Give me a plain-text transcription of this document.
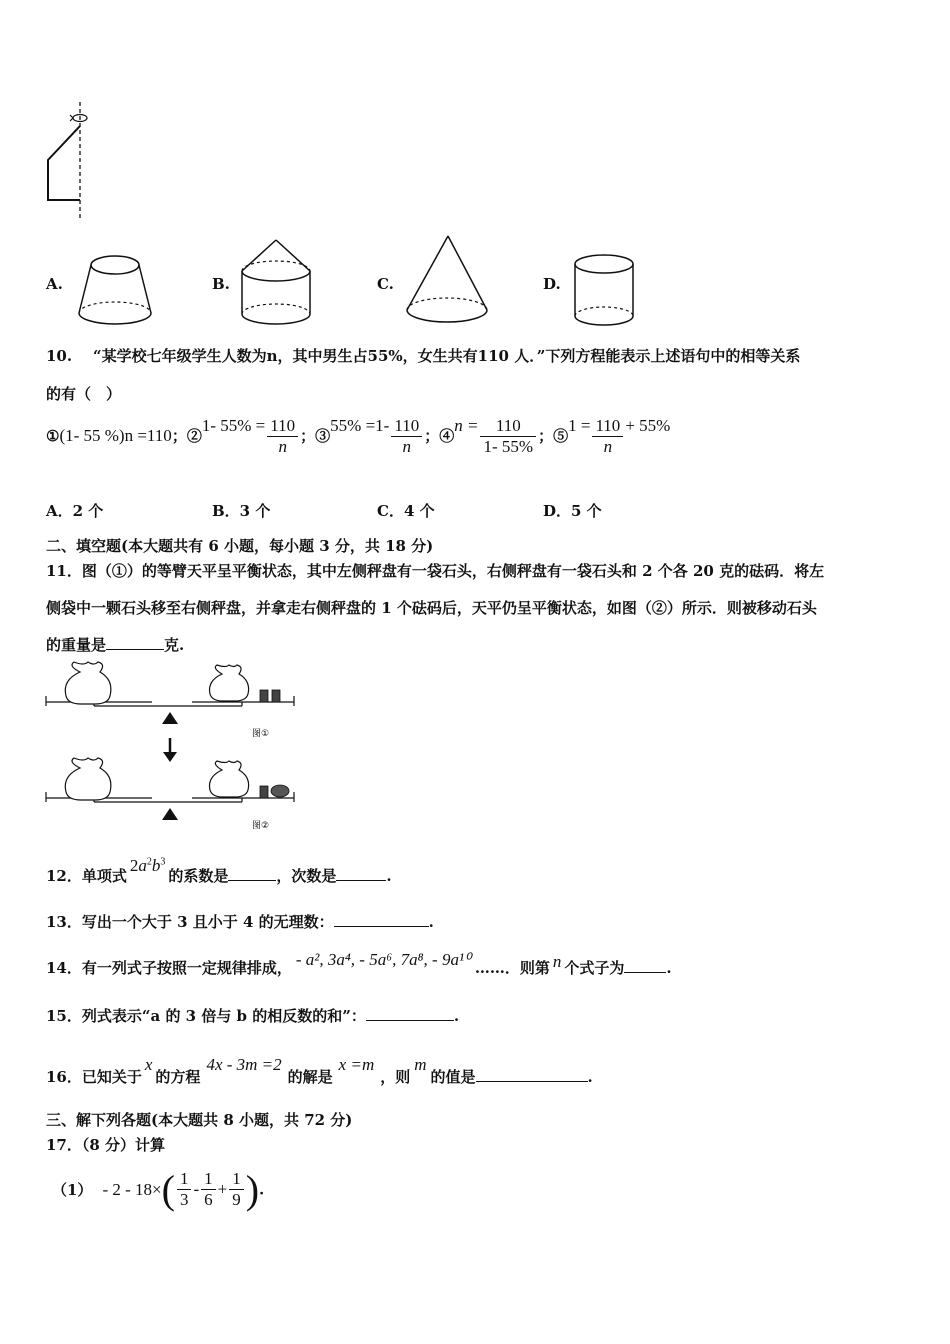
A.	B.	C.	D.
10. “某学校七年级学生人数为n，其中男生占55%，女生共有110 人．”下列方程能表示上述语句中的相等关系
的有（　）
①(1- 55 %)n =110；②1- $55\% = \frac{110}{n}$ ；③55% $=1- \frac{110}{n}$ ；④n = $\frac{110}{1- 55\%}$ ；⑤1 = $\frac{110}{n} + 55\%$
A．2 个	B．3 个	C．4 个	D．5 个
二、填空题(本大题共有 6 小题，每小题 3 分，共 18 分)
11．图（①）的等臂天平呈平衡状态，其中左侧秤盘有一袋石头，右侧秤盘有一袋石头和 2 个各 20 克的砝码．将左
侧袋中一颗石头移至右侧秤盘，并拿走右侧秤盘的 1 个砝码后，天平仍呈平衡状态，如图（②）所示．则被移动石头
的重量是	克.
图①
图②
12．单项式$2a^2b^3$的系数是	，次数是	.
13．写出一个大于 3 且小于 4 的无理数：	.
14．有一列式子按照一定规律排成， - a², 3a⁴, - 5a⁶, 7a⁸, - 9a¹⁰ ……．则第 n 个式子为	.
15．列式表示“a 的 3 倍与 b 的相反数的和”：	.
16．已知关于x的方程4x - 3m =2的解是x =m，则m的值是	.
三、解下列各题(本大题共 8 小题，共 72 分)
17．（8 分）计算
$(1) - 2 - 18\times( \frac{1}{3} - \frac{1}{6} + \frac{1}{9}$ ).
